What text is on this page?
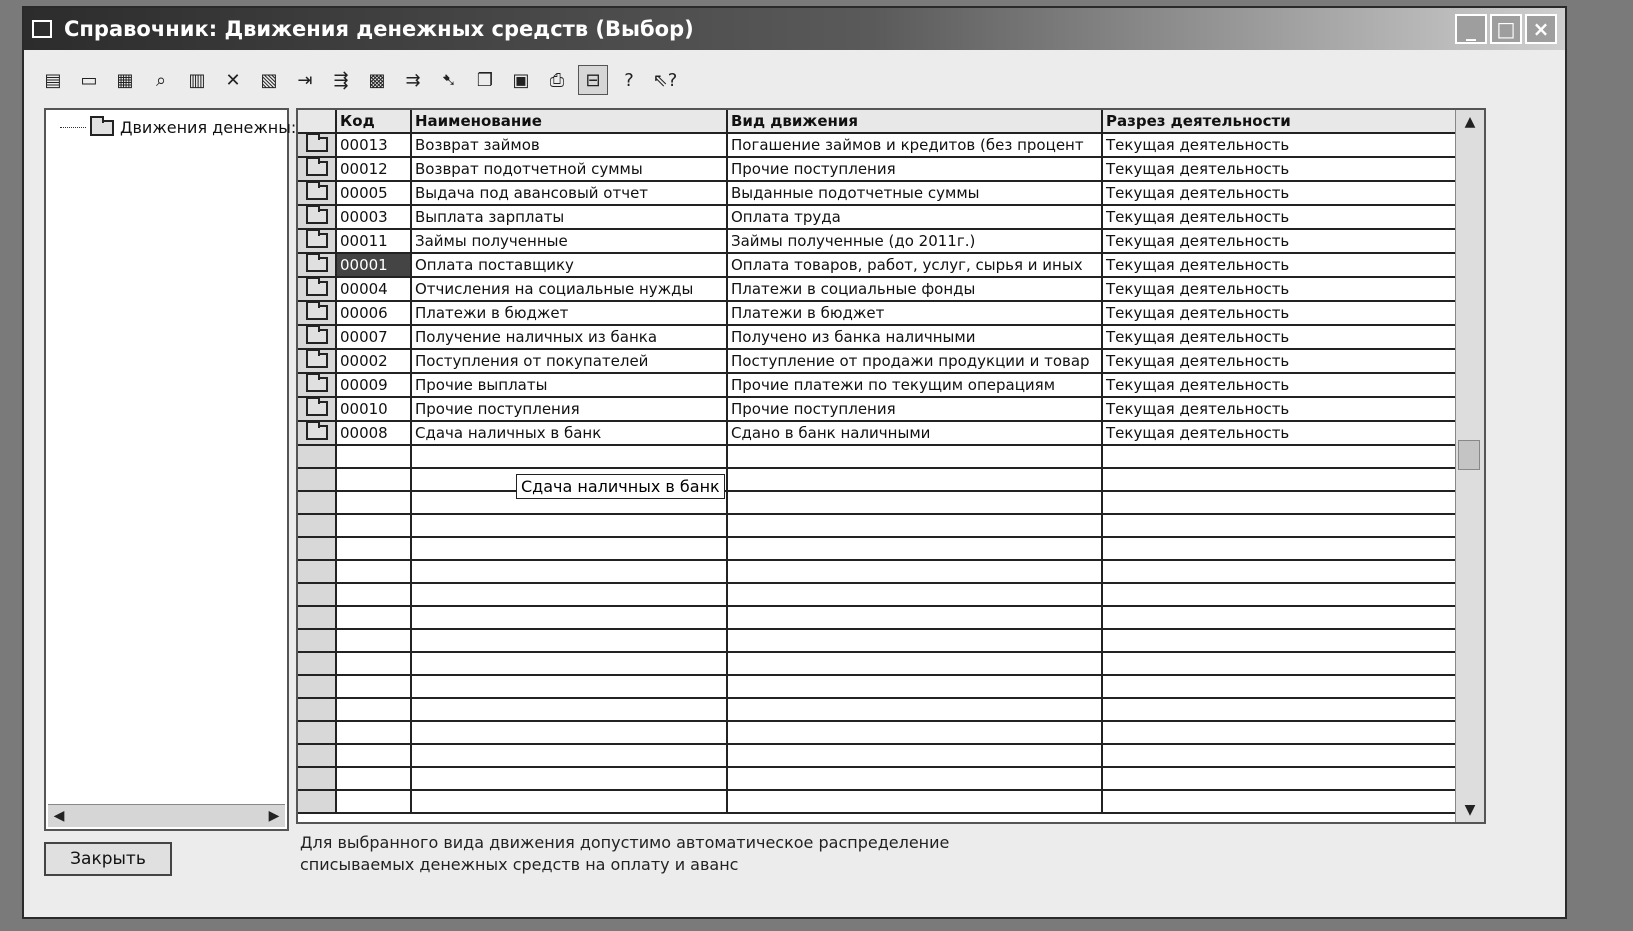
Справочник: Движения денежных средств (Выбор)	_	□ ×
▤	▭	▦	⌕	▥	✕	▧	⇥	⇶	▩	⇉	➷	❐	▣	⎙	⊟	?	⇖?
Движения денежны:
◀	▶
	Код	Наименование	Вид движения	Разрез деятельности
	00013	Возврат займов	Погашение займов и кредитов (без процент	Текущая деятельность
	00012	Возврат подотчетной суммы	Прочие поступления	Текущая деятельность
	00005	Выдача под авансовый отчет	Выданные подотчетные суммы	Текущая деятельность
	00003	Выплата зарплаты	Оплата труда	Текущая деятельность
	00011	Займы полученные	Займы полученные (до 2011г.)	Текущая деятельность
	00001	Оплата поставщику	Оплата товаров, работ, услуг, сырья и иных	Текущая деятельность
	00004	Отчисления на социальные нужды	Платежи в социальные фонды	Текущая деятельность
	00006	Платежи в бюджет	Платежи в бюджет	Текущая деятельность
	00007	Получение наличных из банка	Получено из банка наличными	Текущая деятельность
	00002	Поступления от покупателей	Поступление от продажи продукции и товар	Текущая деятельность
	00009	Прочие выплаты	Прочие платежи по текущим операциям	Текущая деятельность
	00010	Прочие поступления	Прочие поступления	Текущая деятельность
	00008	Сдача наличных в банк	Сдано в банк наличными	Текущая деятельность

▲
▼
Сдача наличных в банк
Закрыть
Для выбранного вида движения допустимо автоматическое распределение
списываемых денежных средств на оплату и аванс
